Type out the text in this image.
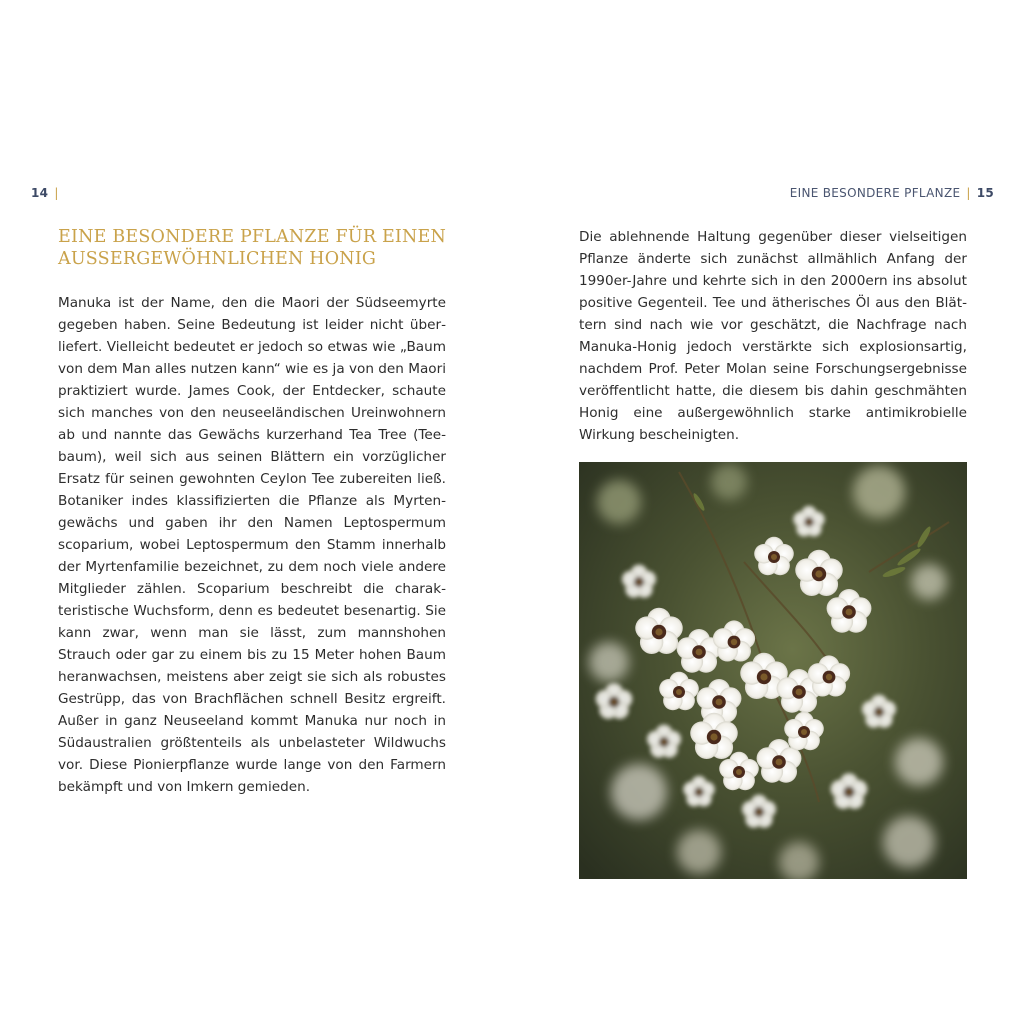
14 |	EINE BESONDERE PFLANZE | 15
EINE BESONDERE PFLANZE FÜR EINEN
AUSSERGEWÖHNLICHEN HONIG

Manuka ist der Name, den die Maori der Südseemyrte gegeben haben. Seine Bedeutung ist leider nicht überliefert. Vielleicht bedeutet er jedoch so etwas wie „Baum von dem Man alles nutzen kann“ wie es ja von den Maori praktiziert wurde. James Cook, der Entdecker, schaute sich manches von den neuseeländischen Ureinwohnern ab und nannte das Gewächs kurzerhand Tea Tree (Teebaum), weil sich aus seinen Blättern ein vorzüglicher Ersatz für seinen gewohnten Ceylon Tee zubereiten ließ. Botaniker indes klassifizierten die Pflanze als Myrtengewächs und gaben ihr den Namen Leptospermum scoparium, wobei Leptospermum den Stamm innerhalb der Myrtenfamilie bezeichnet, zu dem noch viele andere Mitglieder zählen. Scoparium beschreibt die charakteristische Wuchsform, denn es bedeutet besenartig. Sie kann zwar, wenn man sie lässt, zum mannshohen Strauch oder gar zu einem bis zu 15 Meter hohen Baum heranwachsen, meistens aber zeigt sie sich als robustes Gestrüpp, das von Brachflächen schnell Besitz ergreift. Außer in ganz Neuseeland kommt Manuka nur noch in Südaustralien größtenteils als unbelasteter Wildwuchs vor. Diese Pionierpflanze wurde lange von den Farmern bekämpft und von Imkern gemieden.

Die ablehnende Haltung gegenüber dieser vielseitigen Pflanze änderte sich zunächst allmählich Anfang der 1990er-Jahre und kehrte sich in den 2000ern ins absolut positive Gegenteil. Tee und ätherisches Öl aus den Blättern sind nach wie vor geschätzt, die Nachfrage nach Manuka-Honig jedoch verstärkte sich explosionsartig, nachdem Prof. Peter Molan seine Forschungsergebnisse veröffentlicht hatte, die diesem bis dahin geschmähten Honig eine außergewöhnlich starke antimikrobielle Wirkung bescheinigten.
